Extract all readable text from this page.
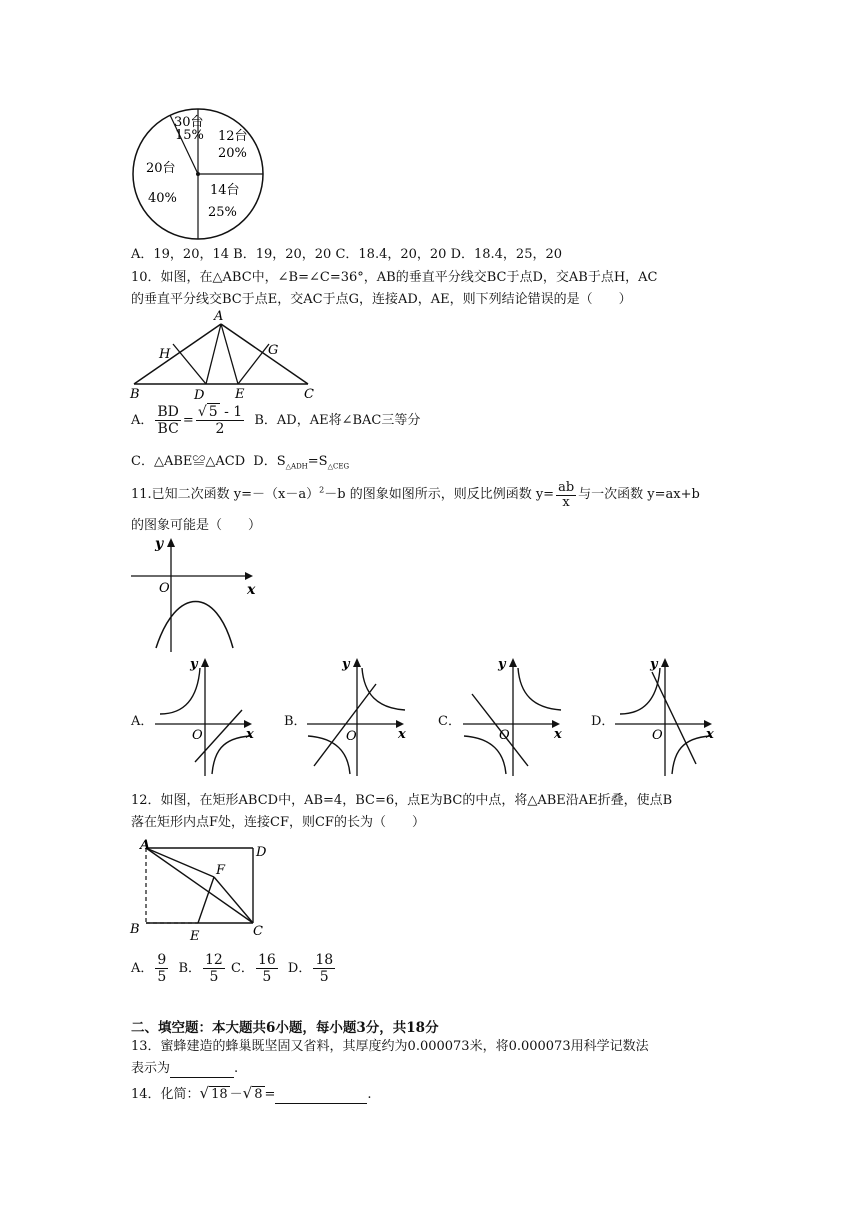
30台
15% 12台
20%
20台
40%
14台
25%
A．19，20，14 B．19，20，20 C．18.4，20，20 D．18.4，25，20
10．如图，在△ABC中，∠B=∠C=36°，AB的垂直平分线交BC于点D，交AB于点H，AC
的垂直平分线交BC于点E，交AC于点G，连接AD，AE，则下列结论错误的是（　　）
A
H	G
B	D E	C
A． $\frac{BD}{BC} = \frac{√ 5 - 1}{2}$ B．AD，AE将∠BAC三等分
C．△ABE≌△ACD D．$S_{\triangle ADH}=S_{\triangle CEG}$
11.已知二次函数 $y=-(x-a)^2-b$ 的图象如图所示，则反比例函数 $y= \frac{ab}{x}$ 与一次函数 y=ax+b
的图象可能是（　　）
y
x
O
A．
y
x
O
B．
y
x
O
C．
y
x
O
D．
y
x
O
12．如图，在矩形ABCD中，AB=4，BC=6，点E为BC的中点，将△ABE沿AE折叠，使点B
落在矩形内点F处，连接CF，则CF的长为（　　）
A	D
F
B	E	C
A． $\frac{9}{5}$ B． $\frac{12}{5}$ C． $\frac{16}{5}$ D． $\frac{18}{5}$
二、填空题：本大题共6小题，每小题3分，共18分
13．蜜蜂建造的蜂巢既坚固又省料，其厚度约为0.000073米，将0.000073用科学记数法
表示为	.
14．化简：√ 18 －√ 8 =	.
